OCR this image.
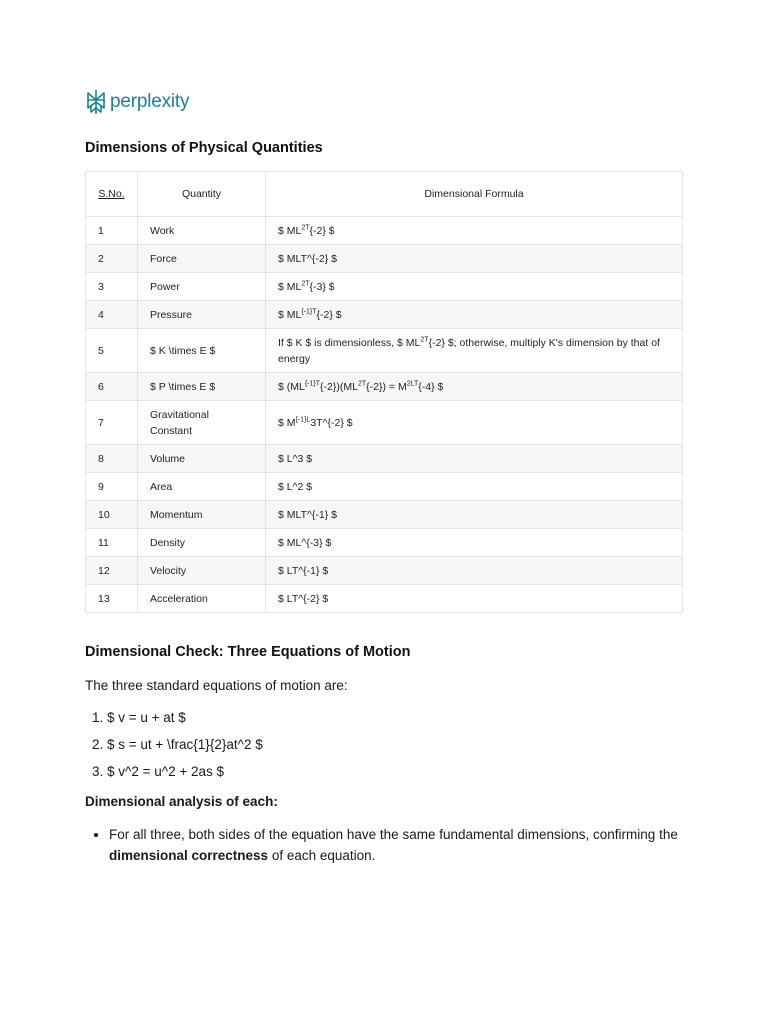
perplexity
Dimensions of Physical Quantities
S.No.	Quantity	Dimensional Formula
1	Work	$ $ML^{2T}\{-2\}$ $
2	Force	$ MLT^{-2} $
3	Power	$ $ML^{2T}\{-3\}$ $
4	Pressure	$ $ML^{\{-1\}T}\{-2\}$ $
5	$ K \times E $	If $ K $ is dimensionless, $ $ML^{2T}\{-2\}$ $; otherwise, multiply K's dimension by that of energy
6	$ P \times E $	$ $(ML^{\{-1\}T}\{-2\})(ML^{2T}\{-2\}) = M^{2LT}\{-4\}$ $
7	Gravitational Constant	$ $M^{\{-1\}L}3T\^{}\{-2\}$ $
8	Volume	$ L^3 $
9	Area	$ L^2 $
10	Momentum	$ MLT^{-1} $
11	Density	$ ML^{-3} $
12	Velocity	$ LT^{-1} $
13	Acceleration	$ LT^{-2} $
Dimensional Check: Three Equations of Motion
The three standard equations of motion are:
1. $ v = u + at $
2. $ s = ut + \frac{1}{2}at^2 $
3. $ v^2 = u^2 + 2as $
Dimensional analysis of each:
• For all three, both sides of the equation have the same fundamental dimensions, confirming the dimensional correctness of each equation.
